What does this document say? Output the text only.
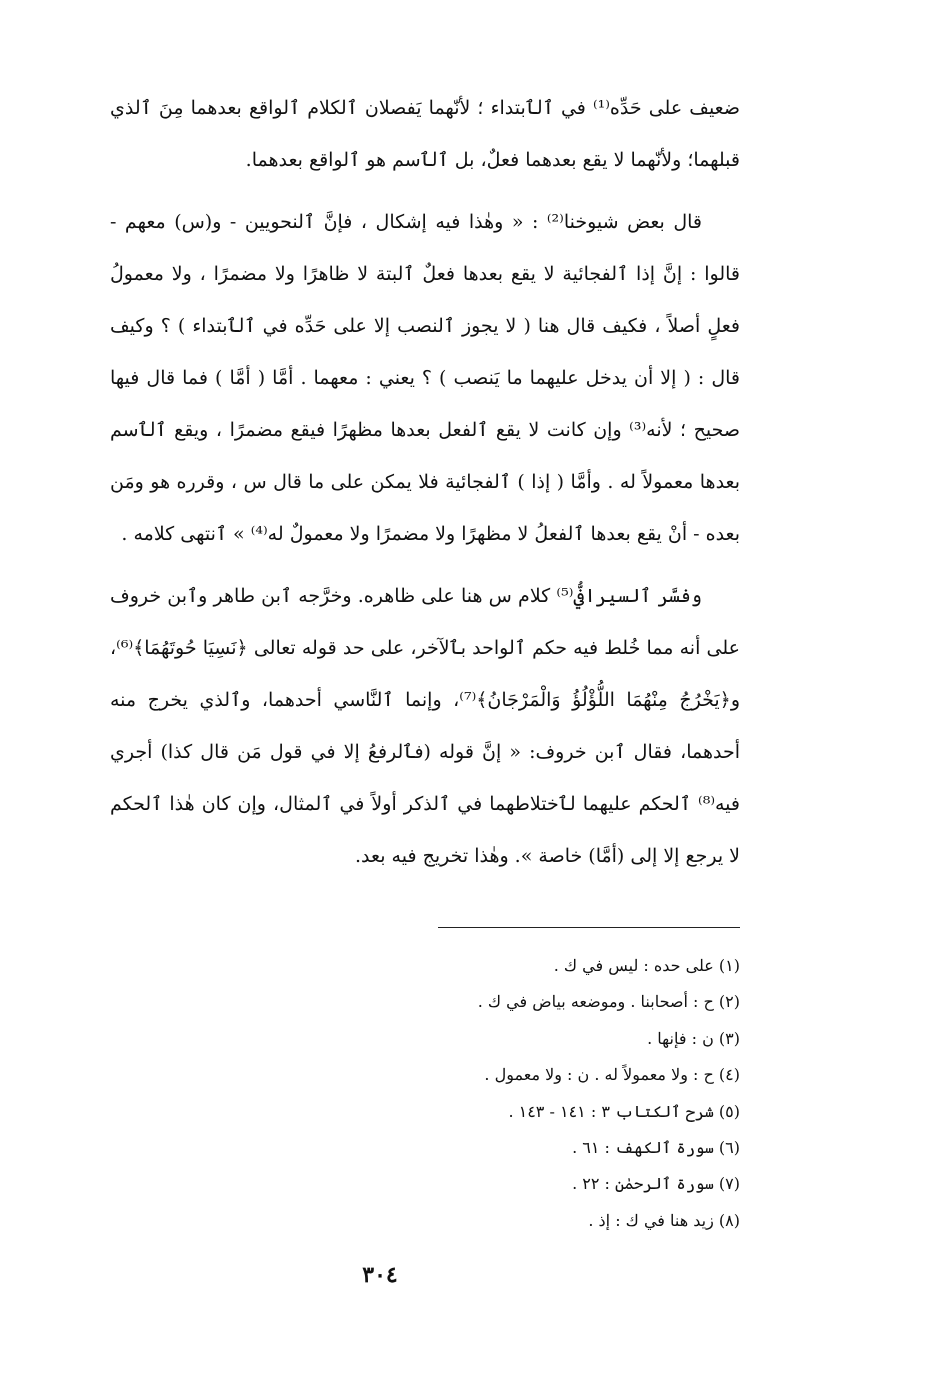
ضعيف على حَدِّه⁽¹⁾ في ٱلٱبتداء ؛ لأنّهما يَفصلان ٱلكلام ٱلواقع بعدهما مِنَ ٱلذي قبلهما؛ ولأنّهما لا يقع بعدهما فعلٌ، بل ٱلٱسم هو ٱلواقع بعدهما.

قال بعض شيوخنا⁽²⁾ : « وهٰذا فيه إشكال ، فإنَّ ٱلنحويين - و(س) معهم - قالوا : إنَّ إذا ٱلفجائية لا يقع بعدها فعلٌ ٱلبتة لا ظاهرًا ولا مضمرًا ، ولا معمولُ فعلٍ أصلاً ، فكيف قال هنا ( لا يجوز ٱلنصب إلا على حَدِّه في ٱلٱبتداء ) ؟ وكيف قال : ( إلا أن يدخل عليهما ما يَنصب ) ؟ يعني : معهما . أمَّا ( أمَّا ) فما قال فيها صحيح ؛ لأنه⁽³⁾ وإن كانت لا يقع ٱلفعل بعدها مظهرًا فيقع مضمرًا ، ويقع ٱلٱسم بعدها معمولاً له . وأمَّا ( إذا ) ٱلفجائية فلا يمكن على ما قال س ، وقرره هو ومَن بعده - أنْ يقع بعدها ٱلفعلُ لا مظهرًا ولا مضمرًا ولا معمولٌ له⁽⁴⁾ » ٱنتهى كلامه .

وفسَّر ٱلسيرافيُّ⁽⁵⁾ كلام س هنا على ظاهره. وخرَّجه ٱبن طاهر وٱبن خروف على أنه مما خُلط فيه حكم ٱلواحد بٱلآخر، على حد قوله تعالى ﴿نَسِيَا حُوتَهُمَا﴾⁽⁶⁾، و﴿يَخْرُجُ مِنْهُمَا اللُّؤْلُؤُ وَالْمَرْجَانُ﴾⁽⁷⁾، وإنما ٱلنَّاسي أحدهما، وٱلذي يخرج منه أحدهما، فقال ٱبن خروف: « إنَّ قوله (فٱلرفعُ إلا في قول مَن قال كذا) أجري فيه⁽⁸⁾ ٱلحكم عليهما لٱختلاطهما في ٱلذكر أولاً في ٱلمثال، وإن كان هٰذا ٱلحكم لا يرجع إلا إلى (أمَّا) خاصة ». وهٰذا تخريج فيه بعد.

(١) على حده : ليس في ك .
(٢) ح : أصحابنا . وموضعه بياض في ك .
(٣) ن : فإنها .
(٤) ح : ولا معمولاً له . ن : ولا معمول .
(٥) شرح ٱلكتاب ٣ : ١٤١ - ١٤٣ .
(٦) سورة ٱلكهف : ٦١ .
(٧) سورة ٱلرحمٰن : ٢٢ .
(٨) زيد هنا في ك : إذ .
٣٠٤
